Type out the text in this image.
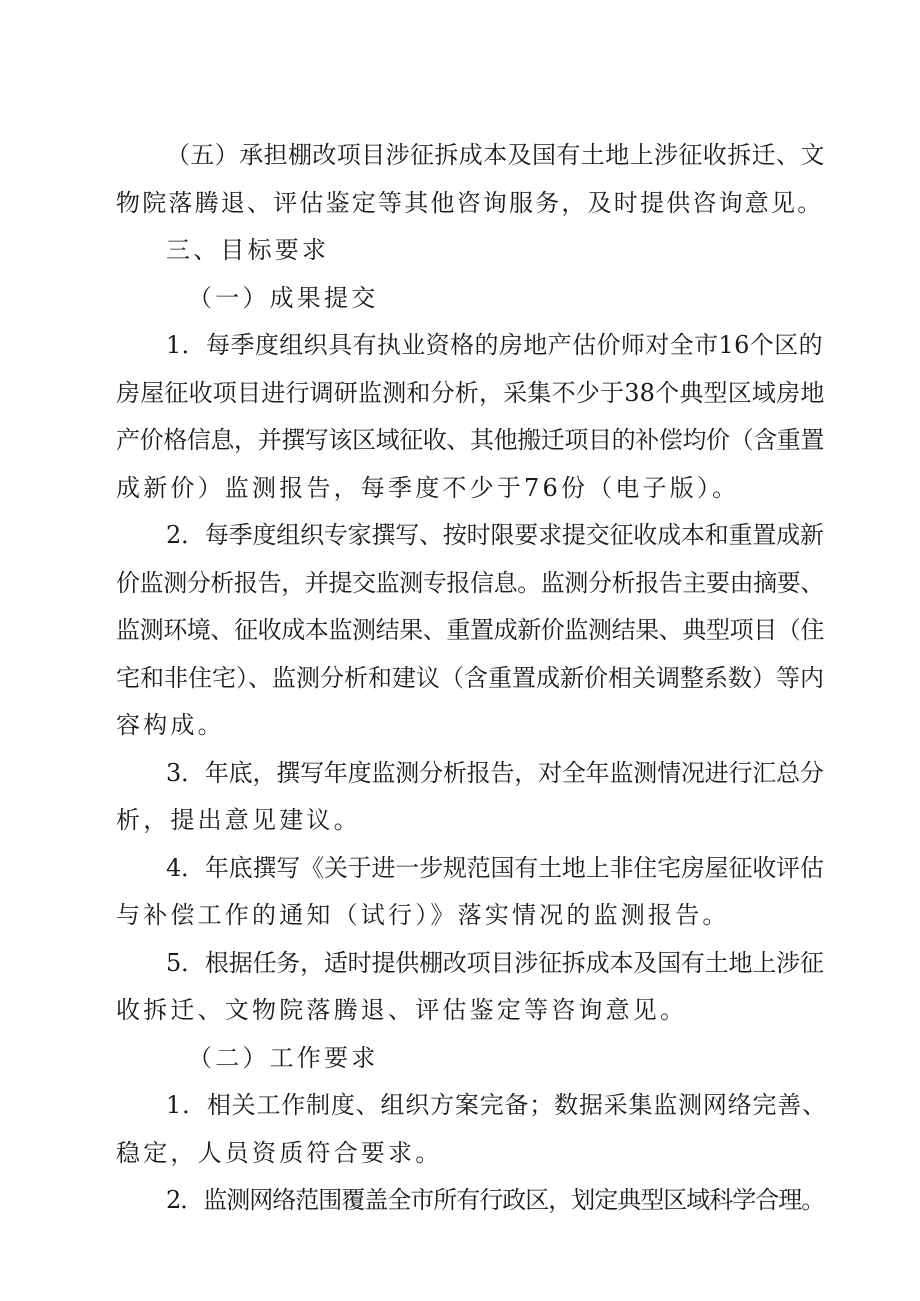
（五）承担棚改项目涉征拆成本及国有土地上涉征收拆迁、文
物院落腾退、评估鉴定等其他咨询服务，及时提供咨询意见。
三、目标要求
（一）成果提交
1．每季度组织具有执业资格的房地产估价师对全市16个区的
房屋征收项目进行调研监测和分析，采集不少于38个典型区域房地
产价格信息，并撰写该区域征收、其他搬迁项目的补偿均价（含重置
成新价）监测报告，每季度不少于76份（电子版）。
2．每季度组织专家撰写、按时限要求提交征收成本和重置成新
价监测分析报告，并提交监测专报信息。监测分析报告主要由摘要、
监测环境、征收成本监测结果、重置成新价监测结果、典型项目（住
宅和非住宅）、监测分析和建议（含重置成新价相关调整系数）等内
容构成。
3．年底，撰写年度监测分析报告，对全年监测情况进行汇总分
析，提出意见建议。
4．年底撰写《关于进一步规范国有土地上非住宅房屋征收评估
与补偿工作的通知（试行）》落实情况的监测报告。
5．根据任务，适时提供棚改项目涉征拆成本及国有土地上涉征
收拆迁、文物院落腾退、评估鉴定等咨询意见。
（二）工作要求
1．相关工作制度、组织方案完备；数据采集监测网络完善、
稳定，人员资质符合要求。
2．监测网络范围覆盖全市所有行政区，划定典型区域科学合理。
